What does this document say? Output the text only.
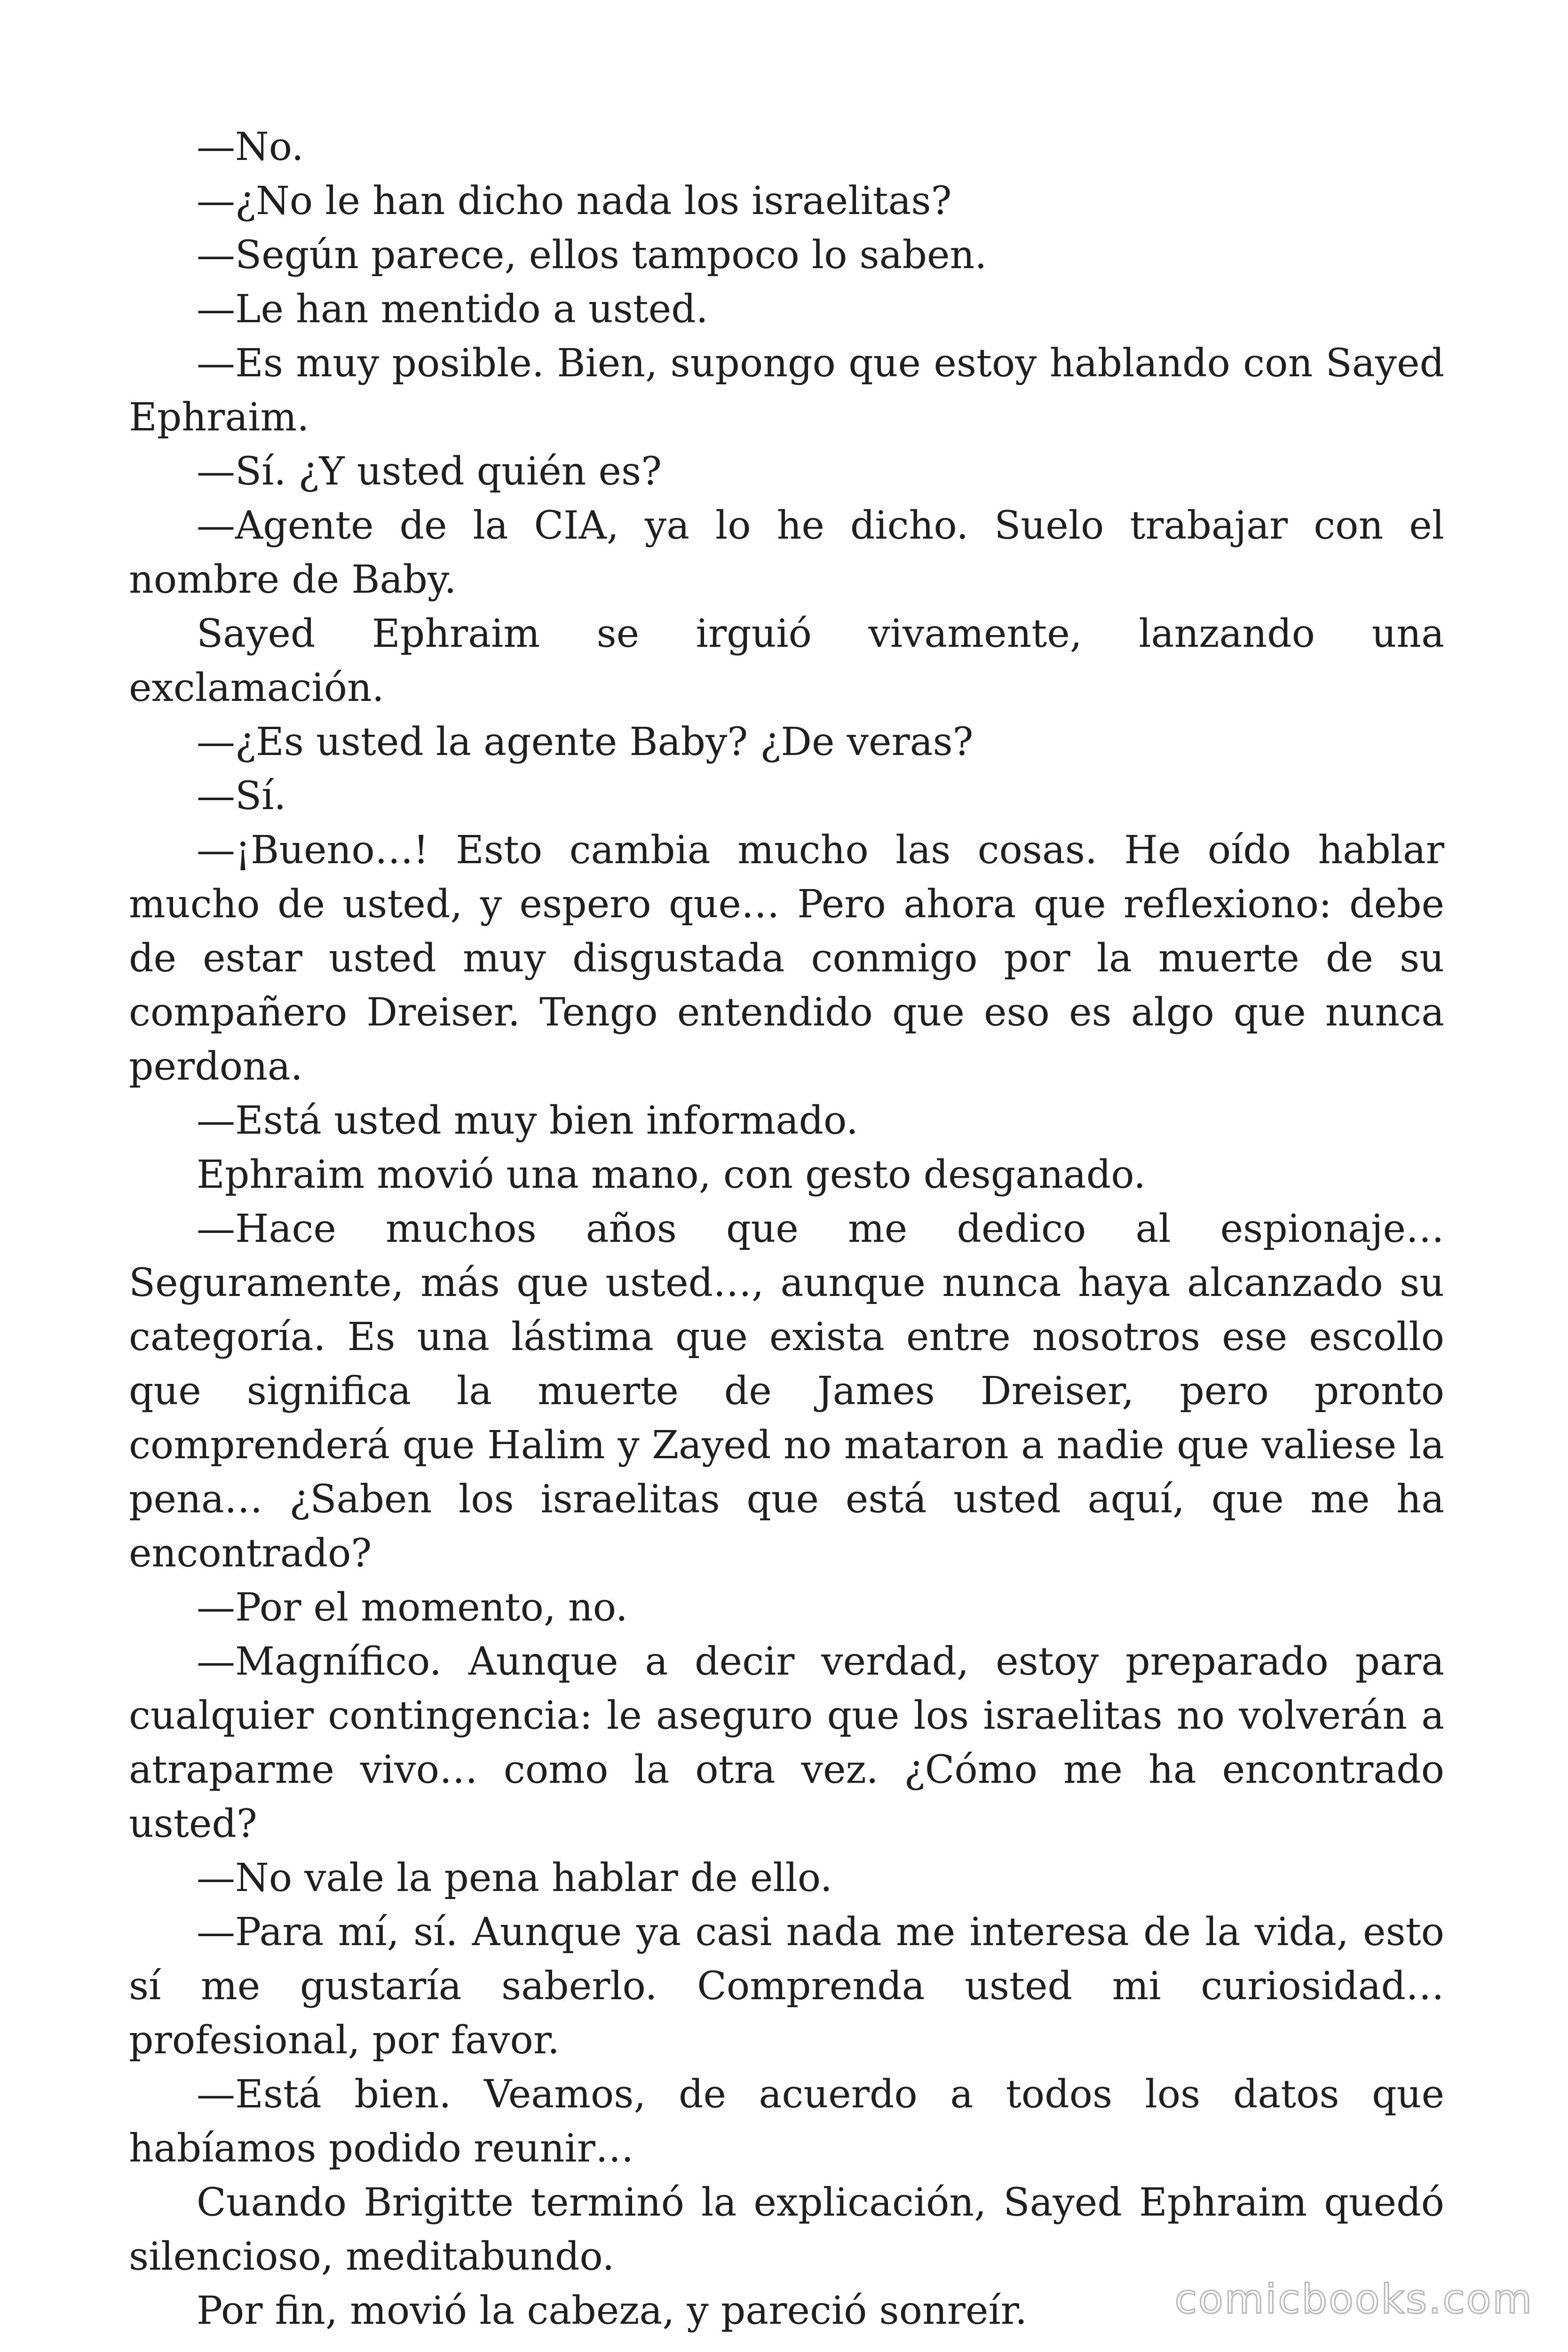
—No.

—¿No le han dicho nada los israelitas?

—Según parece, ellos tampoco lo saben.

—Le han mentido a usted.

—Es muy posible. Bien, supongo que estoy hablando con Sayed Ephraim.

—Sí. ¿Y usted quién es?

—Agente de la CIA, ya lo he dicho. Suelo trabajar con el nombre de Baby.

Sayed Ephraim se irguió vivamente, lanzando una exclamación.

—¿Es usted la agente Baby? ¿De veras?

—Sí.

—¡Bueno…! Esto cambia mucho las cosas. He oído hablar mucho de usted, y espero que… Pero ahora que reflexiono: debe de estar usted muy disgustada conmigo por la muerte de su compañero Dreiser. Tengo entendido que eso es algo que nunca perdona.

—Está usted muy bien informado.

Ephraim movió una mano, con gesto desganado.

—Hace muchos años que me dedico al espionaje… Seguramente, más que usted…, aunque nunca haya alcanzado su categoría. Es una lástima que exista entre nosotros ese escollo que significa la muerte de James Dreiser, pero pronto comprenderá que Halim y Zayed no mataron a nadie que valiese la pena… ¿Saben los israelitas que está usted aquí, que me ha encontrado?

—Por el momento, no.

—Magnífico. Aunque a decir verdad, estoy preparado para cualquier contingencia: le aseguro que los israelitas no volverán a atraparme vivo… como la otra vez. ¿Cómo me ha encontrado usted?

—No vale la pena hablar de ello.

—Para mí, sí. Aunque ya casi nada me interesa de la vida, esto sí me gustaría saberlo. Comprenda usted mi curiosidad… profesional, por favor.

—Está bien. Veamos, de acuerdo a todos los datos que habíamos podido reunir…

Cuando Brigitte terminó la explicación, Sayed Ephraim quedó silencioso, meditabundo.

Por fin, movió la cabeza, y pareció sonreír.	comicbooks.com
